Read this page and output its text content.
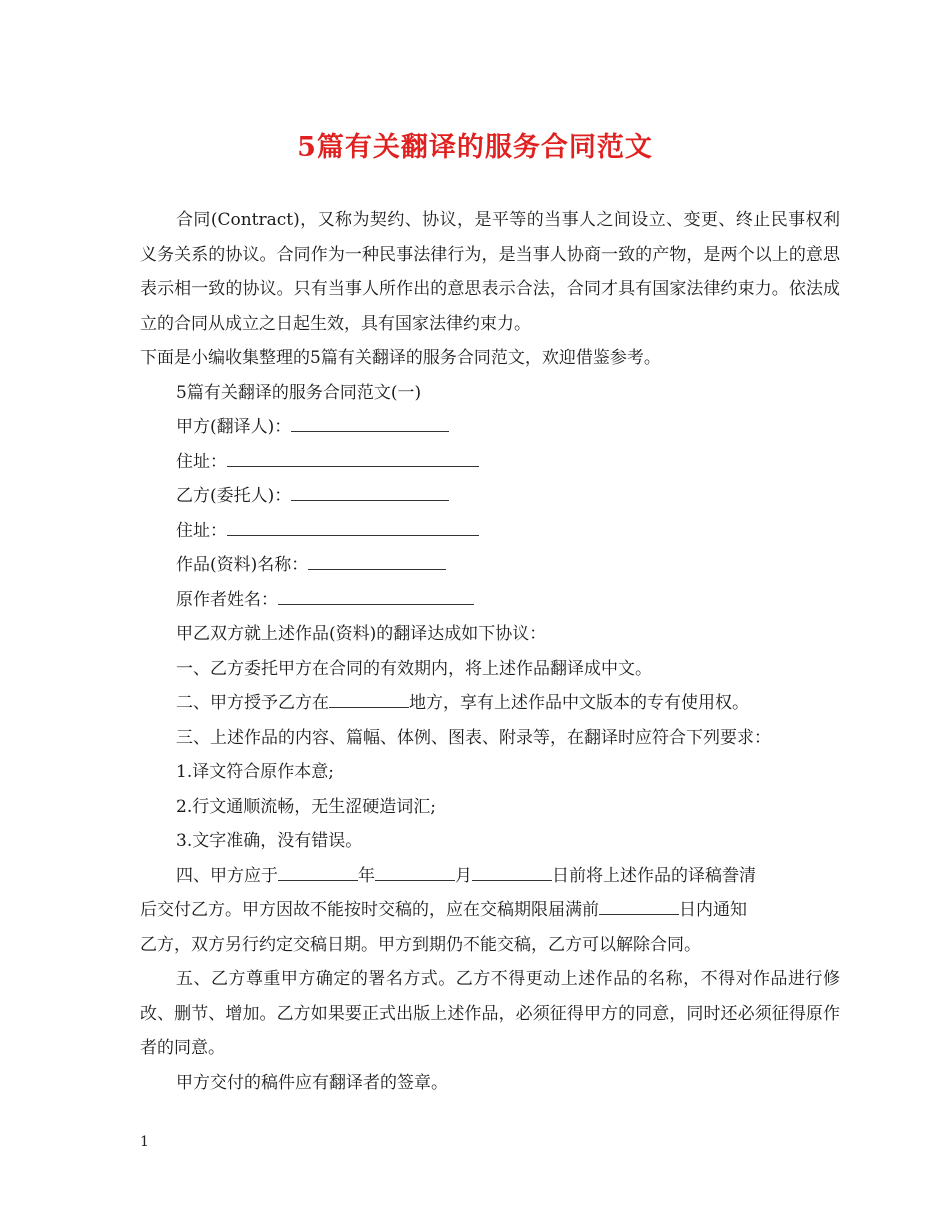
5篇有关翻译的服务合同范文

合同(Contract)，又称为契约、协议，是平等的当事人之间设立、变更、终止民事权利义务关系的协议。合同作为一种民事法律行为，是当事人协商一致的产物，是两个以上的意思表示相一致的协议。只有当事人所作出的意思表示合法，合同才具有国家法律约束力。依法成立的合同从成立之日起生效，具有国家法律约束力。

下面是小编收集整理的5篇有关翻译的服务合同范文，欢迎借鉴参考。

5篇有关翻译的服务合同范文(一)

甲方(翻译人)：

住址：

乙方(委托人)：

住址：

作品(资料)名称：

原作者姓名：

甲乙双方就上述作品(资料)的翻译达成如下协议：

一、乙方委托甲方在合同的有效期内，将上述作品翻译成中文。

二、甲方授予乙方在	地方，享有上述作品中文版本的专有使用权。

三、上述作品的内容、篇幅、体例、图表、附录等，在翻译时应符合下列要求：

1.译文符合原作本意;

2.行文通顺流畅，无生涩硬造词汇;

3.文字准确，没有错误。

四、甲方应于	年	月	日前将上述作品的译稿誊清

后交付乙方。甲方因故不能按时交稿的，应在交稿期限届满前	日内通知

乙方，双方另行约定交稿日期。甲方到期仍不能交稿，乙方可以解除合同。

五、乙方尊重甲方确定的署名方式。乙方不得更动上述作品的名称，不得对作品进行修改、删节、增加。乙方如果要正式出版上述作品，必须征得甲方的同意，同时还必须征得原作者的同意。

甲方交付的稿件应有翻译者的签章。

1
